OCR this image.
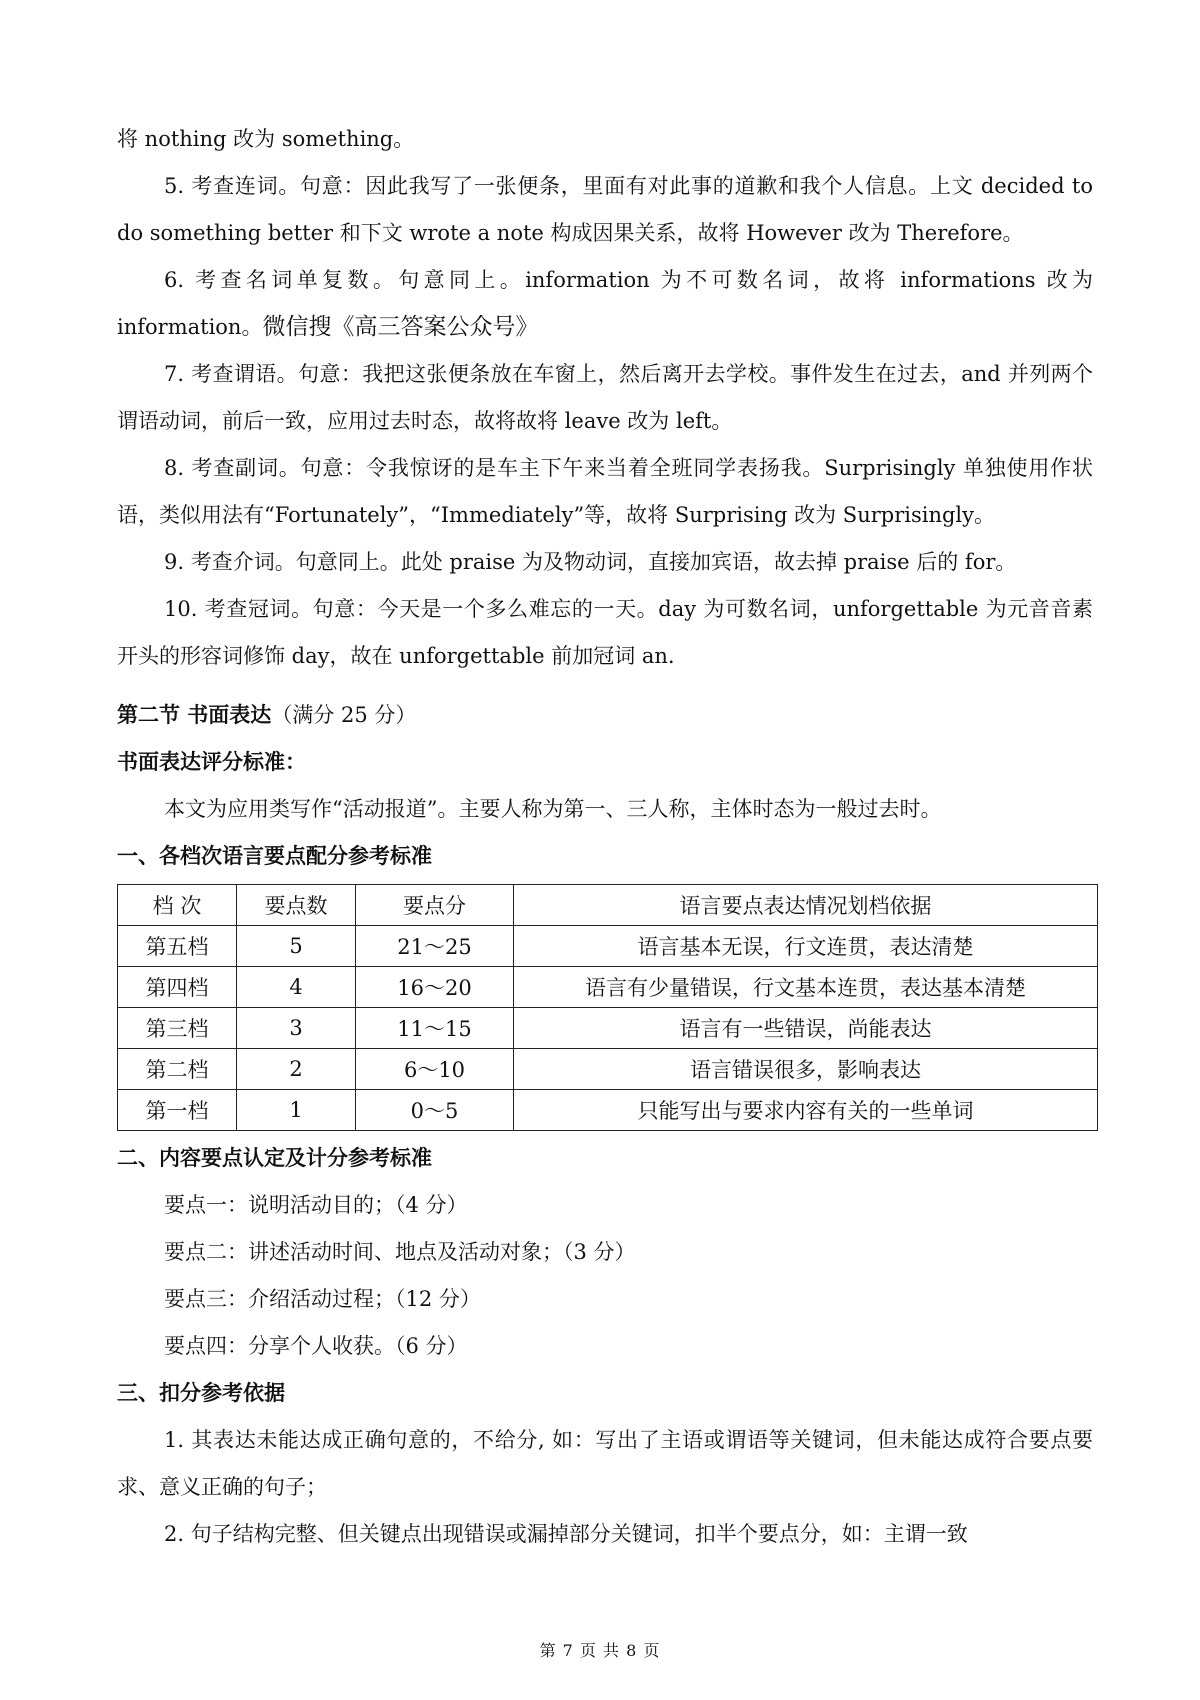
将 nothing 改为 something。

5. 考查连词。句意：因此我写了一张便条，里面有对此事的道歉和我个人信息。上文 decided to do something better 和下文 wrote a note 构成因果关系，故将 However 改为 Therefore。

6. 考查名词单复数。句意同上。information 为不可数名词，故将 informations 改为 information。微信搜《高三答案公众号》

7. 考查谓语。句意：我把这张便条放在车窗上，然后离开去学校。事件发生在过去，and 并列两个谓语动词，前后一致，应用过去时态，故将故将 leave 改为 left。

8. 考查副词。句意：令我惊讶的是车主下午来当着全班同学表扬我。Surprisingly 单独使用作状语，类似用法有“Fortunately”，“Immediately”等，故将 Surprising 改为 Surprisingly。

9. 考查介词。句意同上。此处 praise 为及物动词，直接加宾语，故去掉 praise 后的 for。

10. 考查冠词。句意：今天是一个多么难忘的一天。day 为可数名词，unforgettable 为元音音素开头的形容词修饰 day，故在 unforgettable 前加冠词 an.

第二节 书面表达（满分 25 分）

书面表达评分标准：

本文为应用类写作“活动报道”。主要人称为第一、三人称，主体时态为一般过去时。

一、各档次语言要点配分参考标准

档 次	要点数	要点分	语言要点表达情况划档依据
第五档	5	21～25	语言基本无误，行文连贯，表达清楚
第四档	4	16～20	语言有少量错误，行文基本连贯，表达基本清楚
第三档	3	11～15	语言有一些错误，尚能表达
第二档	2	6～10	语言错误很多，影响表达
第一档	1	0～5	只能写出与要求内容有关的一些单词

二、内容要点认定及计分参考标准

要点一：说明活动目的；（4 分）

要点二：讲述活动时间、地点及活动对象；（3 分）

要点三：介绍活动过程；（12 分）

要点四：分享个人收获。（6 分）

三、扣分参考依据

1. 其表达未能达成正确句意的，不给分, 如：写出了主语或谓语等关键词，但未能达成符合要点要求、意义正确的句子；

2. 句子结构完整、但关键点出现错误或漏掉部分关键词，扣半个要点分，如：主谓一致

第 7 页 共 8 页
